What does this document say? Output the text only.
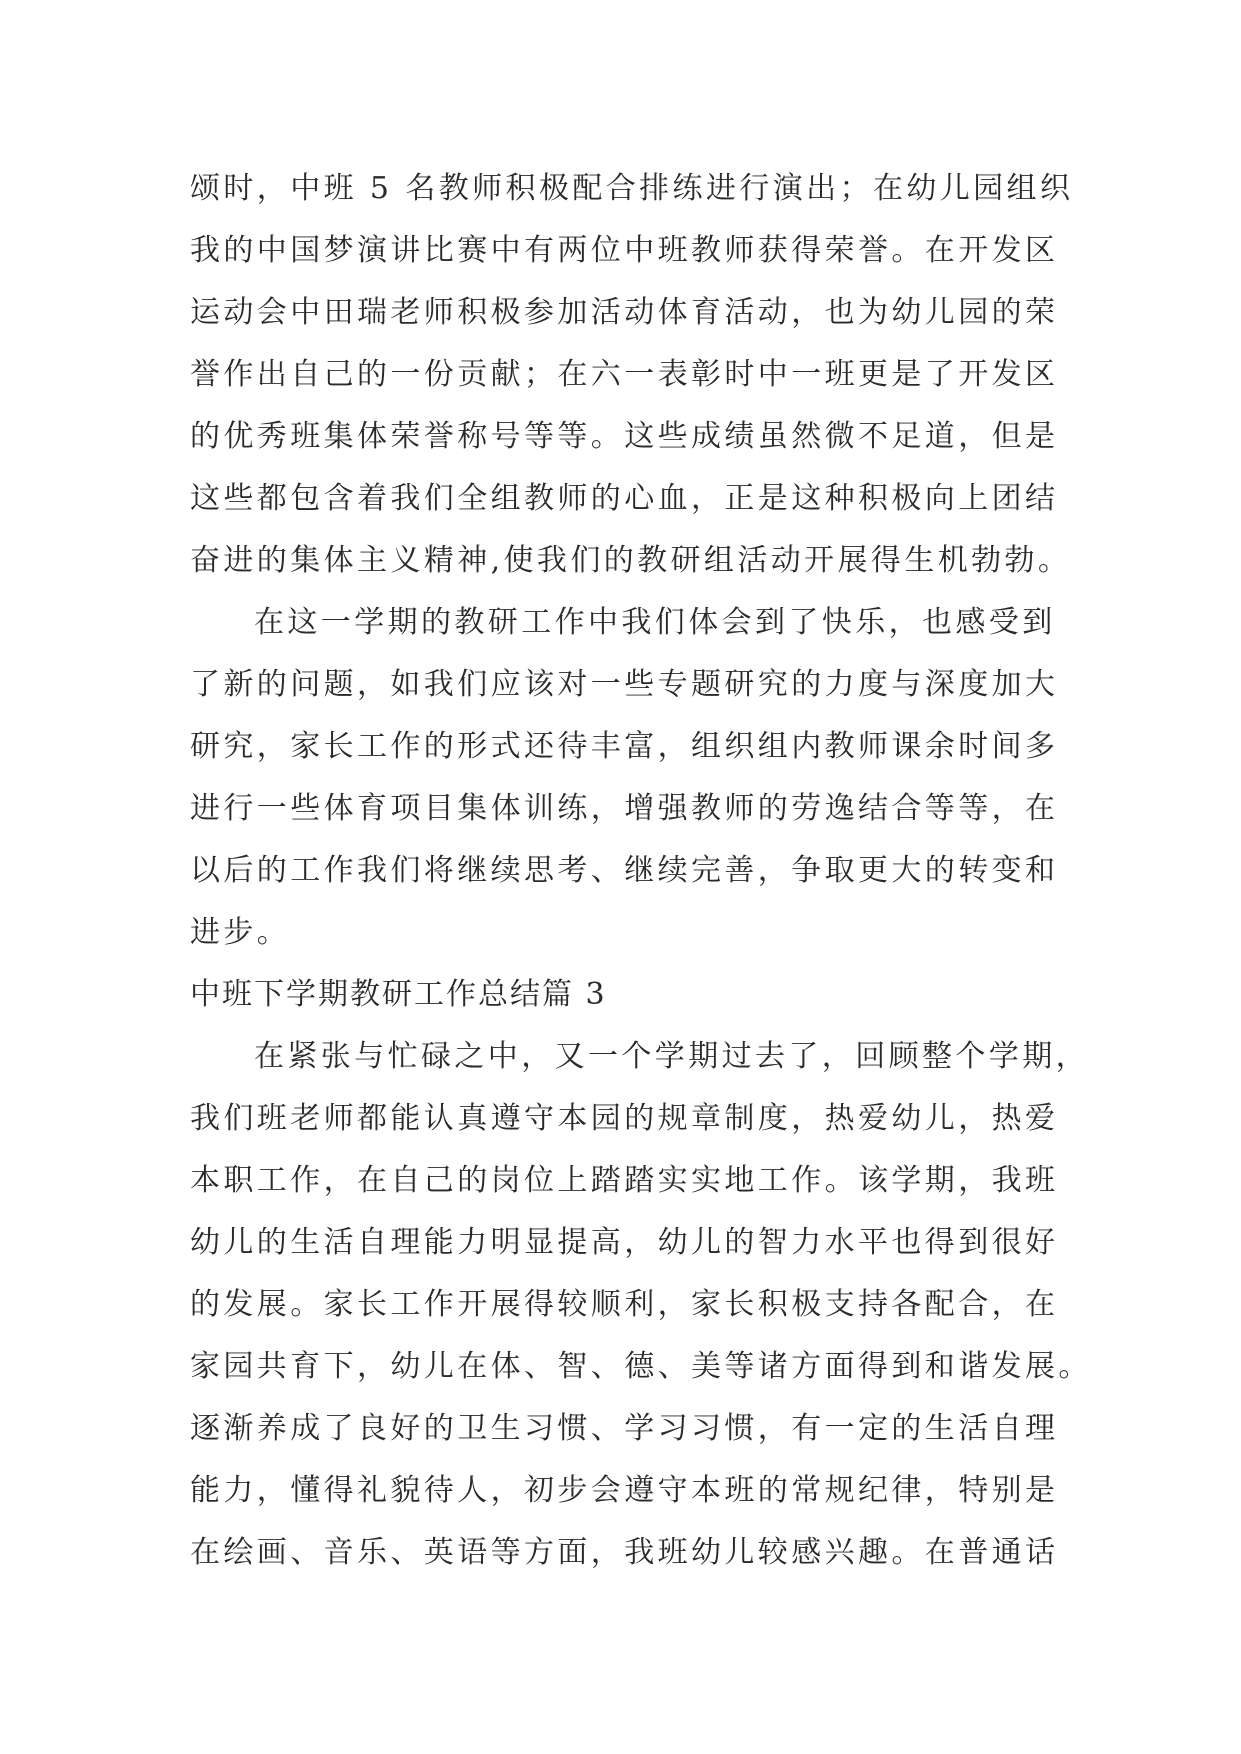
颂时，中班 5 名教师积极配合排练进行演出；在幼儿园组织
我的中国梦演讲比赛中有两位中班教师获得荣誉。在开发区
运动会中田瑞老师积极参加活动体育活动，也为幼儿园的荣
誉作出自己的一份贡献；在六一表彰时中一班更是了开发区
的优秀班集体荣誉称号等等。这些成绩虽然微不足道，但是
这些都包含着我们全组教师的心血，正是这种积极向上团结
奋进的集体主义精神,使我们的教研组活动开展得生机勃勃。
在这一学期的教研工作中我们体会到了快乐，也感受到
了新的问题，如我们应该对一些专题研究的力度与深度加大
研究，家长工作的形式还待丰富，组织组内教师课余时间多
进行一些体育项目集体训练，增强教师的劳逸结合等等，在
以后的工作我们将继续思考、继续完善，争取更大的转变和
进步。
中班下学期教研工作总结篇 3
在紧张与忙碌之中，又一个学期过去了，回顾整个学期，
我们班老师都能认真遵守本园的规章制度，热爱幼儿，热爱
本职工作，在自己的岗位上踏踏实实地工作。该学期，我班
幼儿的生活自理能力明显提高，幼儿的智力水平也得到很好
的发展。家长工作开展得较顺利，家长积极支持各配合，在
家园共育下，幼儿在体、智、德、美等诸方面得到和谐发展。
逐渐养成了良好的卫生习惯、学习习惯，有一定的生活自理
能力，懂得礼貌待人，初步会遵守本班的常规纪律，特别是
在绘画、音乐、英语等方面，我班幼儿较感兴趣。在普通话
